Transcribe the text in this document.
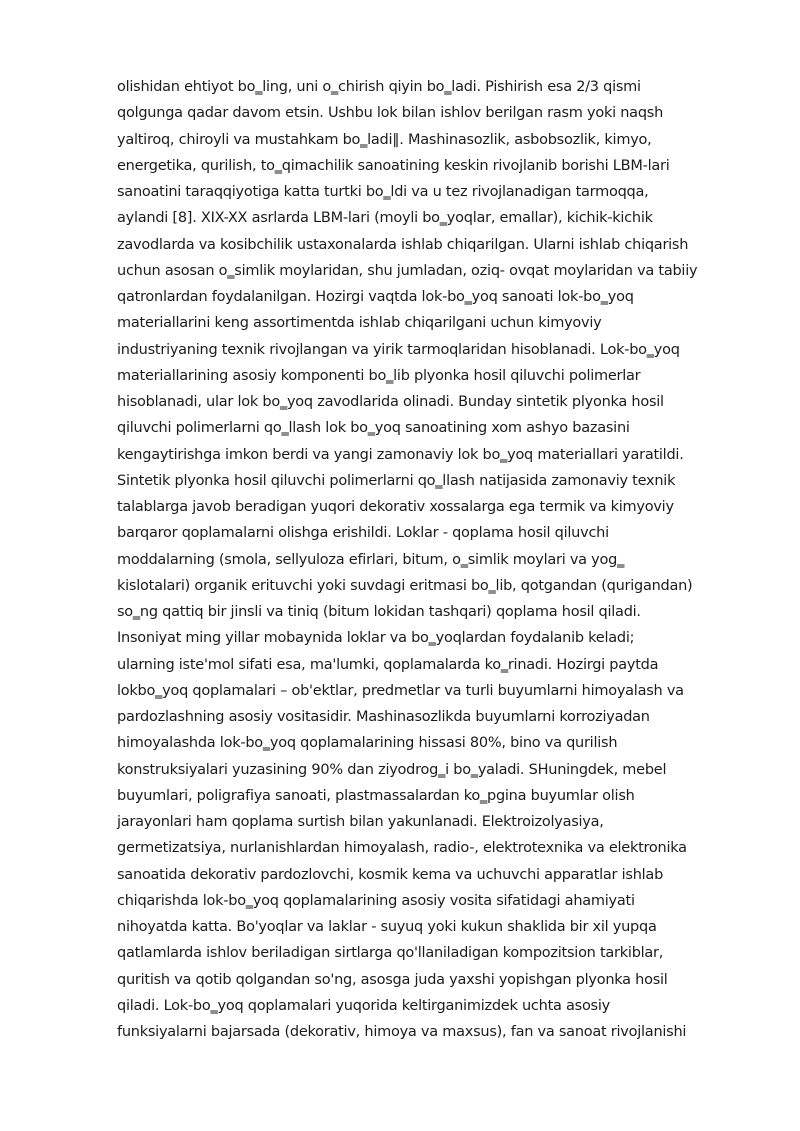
olishidan ehtiyot bo‗ling, uni o‗chirish qiyin bo‗ladi. Pishirish esa 2/3 qismi
qolgunga qadar davom etsin. Ushbu lok bilan ishlov berilgan rasm yoki naqsh
yaltiroq, chiroyli va mustahkam bo‗ladi‖. Mashinasozlik, asbobsozlik, kimyo,
energetika, qurilish, to‗qimachilik sanoatining keskin rivojlanib borishi LBM-lari
sanoatini taraqqiyotiga katta turtki bo‗ldi va u tez rivojlanadigan tarmoqqa,
aylandi [8]. XIX-XX asrlarda LBM-lari (moyli bo‗yoqlar, emallar), kichik-kichik
zavodlarda va kosibchilik ustaxonalarda ishlab chiqarilgan. Ularni ishlab chiqarish
uchun asosan o‗simlik moylaridan, shu jumladan, oziq- ovqat moylaridan va tabiiy
qatronlardan foydalanilgan. Hozirgi vaqtda lok-bo‗yoq sanoati lok-bo‗yoq
materiallarini keng assortimentda ishlab chiqarilgani uchun kimyoviy
industriyaning texnik rivojlangan va yirik tarmoqlaridan hisoblanadi. Lok-bo‗yoq
materiallarining asosiy komponenti bo‗lib plyonka hosil qiluvchi polimerlar
hisoblanadi, ular lok bo‗yoq zavodlarida olinadi. Bunday sintetik plyonka hosil
qiluvchi polimerlarni qo‗llash lok bo‗yoq sanoatining xom ashyo bazasini
kengaytirishga imkon berdi va yangi zamonaviy lok bo‗yoq materiallari yaratildi.
Sintetik plyonka hosil qiluvchi polimerlarni qo‗llash natijasida zamonaviy texnik
talablarga javob beradigan yuqori dekorativ xossalarga ega termik va kimyoviy
barqaror qoplamalarni olishga erishildi. Loklar - qoplama hosil qiluvchi
moddalarning (smola, sellyuloza efirlari, bitum, o‗simlik moylari va yog‗
kislotalari) organik erituvchi yoki suvdagi eritmasi bo‗lib, qotgandan (qurigandan)
so‗ng qattiq bir jinsli va tiniq (bitum lokidan tashqari) qoplama hosil qiladi.
Insoniyat ming yillar mobaynida loklar va bo‗yoqlardan foydalanib keladi;
ularning iste'mol sifati esa, ma'lumki, qoplamalarda ko‗rinadi. Hozirgi paytda
lokbo‗yoq qoplamalari – ob'ektlar, predmetlar va turli buyumlarni himoyalash va
pardozlashning asosiy vositasidir. Mashinasozlikda buyumlarni korroziyadan
himoyalashda lok-bo‗yoq qoplamalarining hissasi 80%, bino va qurilish
konstruksiyalari yuzasining 90% dan ziyodrog‗i bo‗yaladi. SHuningdek, mebel
buyumlari, poligrafiya sanoati, plastmassalardan ko‗pgina buyumlar olish
jarayonlari ham qoplama surtish bilan yakunlanadi. Elektroizolyasiya,
germetizatsiya, nurlanishlardan himoyalash, radio-, elektrotexnika va elektronika
sanoatida dekorativ pardozlovchi, kosmik kema va uchuvchi apparatlar ishlab
chiqarishda lok-bo‗yoq qoplamalarining asosiy vosita sifatidagi ahamiyati
nihoyatda katta. Bo'yoqlar va laklar - suyuq yoki kukun shaklida bir xil yupqa
qatlamlarda ishlov beriladigan sirtlarga qo'llaniladigan kompozitsion tarkiblar,
quritish va qotib qolgandan so'ng, asosga juda yaxshi yopishgan plyonka hosil
qiladi. Lok-bo‗yoq qoplamalari yuqorida keltirganimizdek uchta asosiy
funksiyalarni bajarsada (dekorativ, himoya va maxsus), fan va sanoat rivojlanishi
